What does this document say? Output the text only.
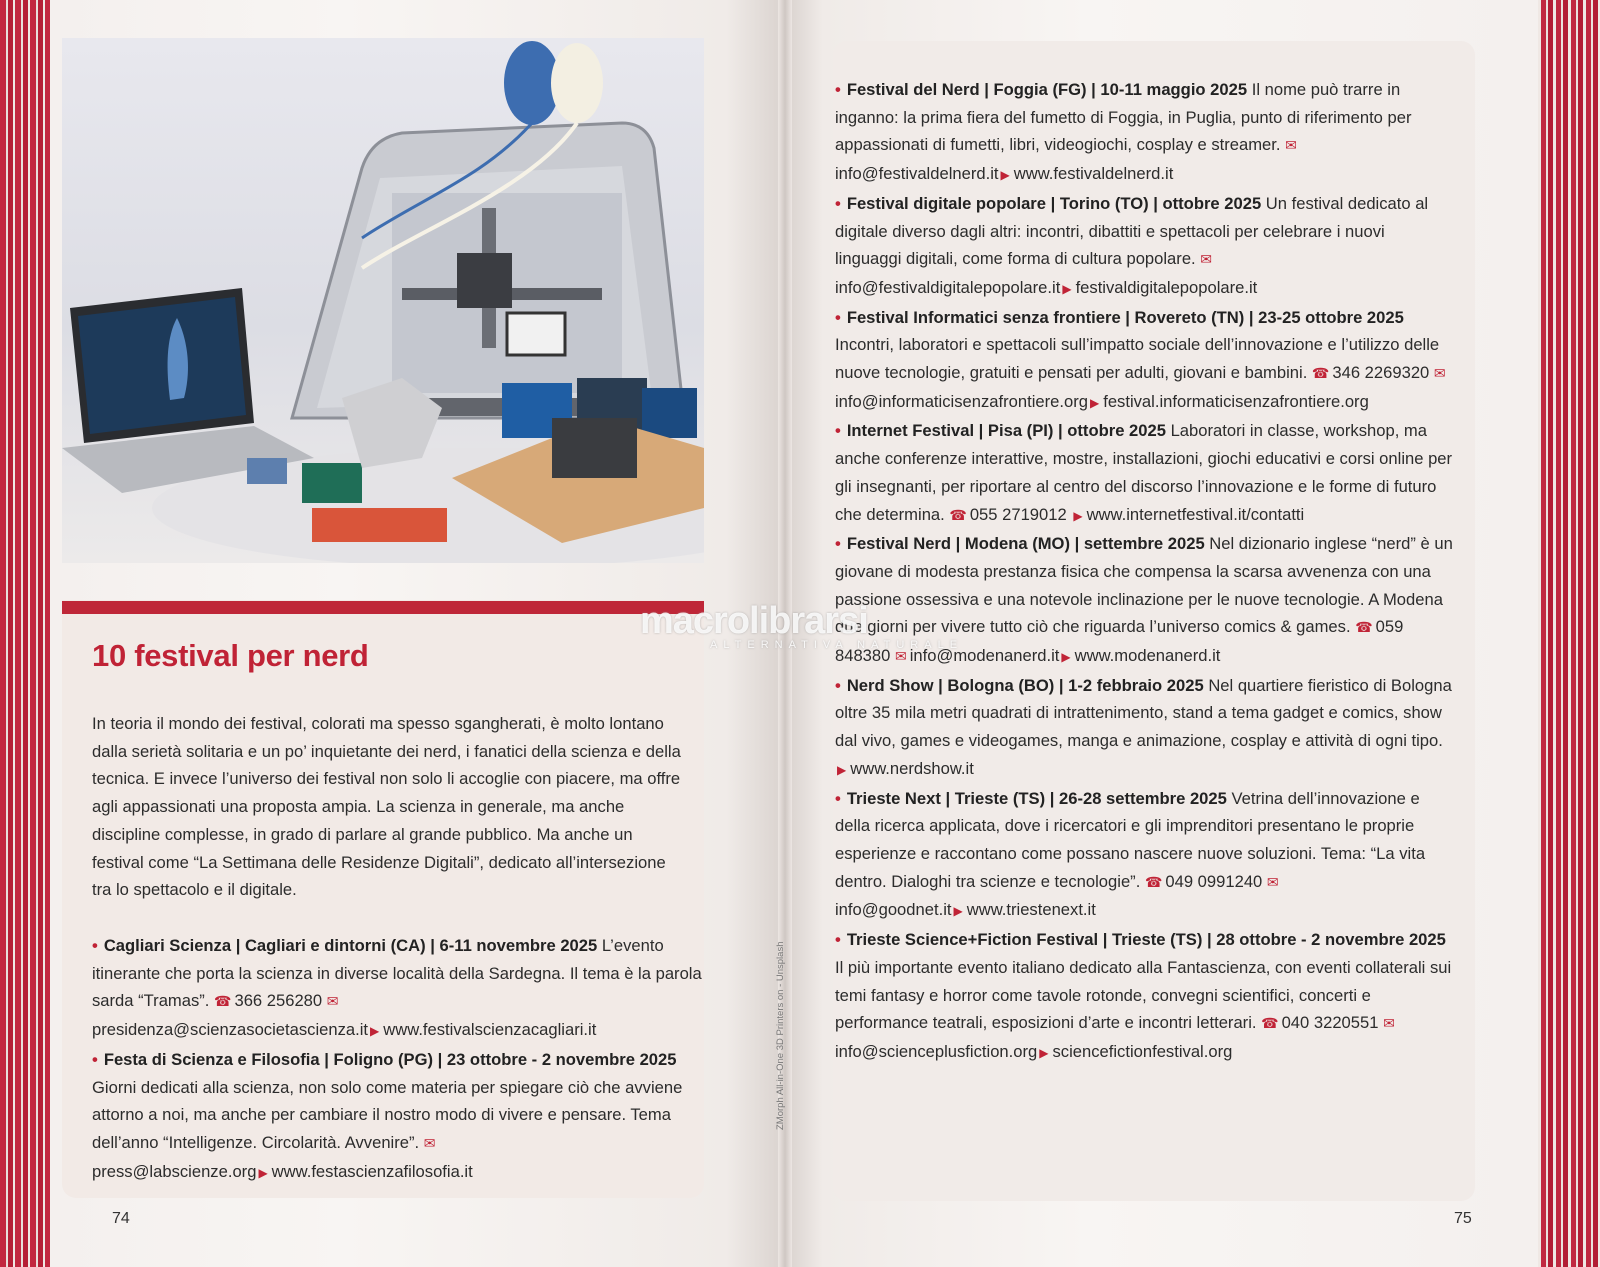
10 festival per nerd
In teoria il mondo dei festival, colorati ma spesso sgangherati, è molto lontano dalla serietà solitaria e un po’ inquietante dei nerd, i fanatici della scienza e della tecnica. E invece l’universo dei festival non solo li accoglie con piacere, ma offre agli appassionati una proposta ampia. La scienza in generale, ma anche discipline complesse, in grado di parlare al grande pubblico. Ma anche un festival come “La Settimana delle Residenze Digitali”, dedicato all’intersezione tra lo spettacolo e il digitale.

• Cagliari Scienza | Cagliari e dintorni (CA) | 6-11 novembre 2025 L’evento itinerante che porta la scienza in diverse località della Sardegna. Il tema è la parola sarda “Tramas”. ☎ 366 256280 ✉presidenza@scienzasocietascienza.it ▶ www.festivalscienzacagliari.it

• Festa di Scienza e Filosofia | Foligno (PG) | 23 ottobre - 2 novembre 2025 Giorni dedicati alla scienza, non solo come materia per spiegare ciò che avviene attorno a noi, ma anche per cambiare il nostro modo di vivere e pensare. Tema dell’anno “Intelligenze. Circolarità. Avvenire”. ✉press@labscienze.org ▶ www.festascienzafilosofia.it

ZMorph All-in-One 3D Printers on - Unsplash
74

• Festival del Nerd | Foggia (FG) | 10-11 maggio 2025 Il nome può trarre in inganno: la prima fiera del fumetto di Foggia, in Puglia, punto di riferimento per appassionati di fumetti, libri, videogiochi, cosplay e streamer. ✉info@festivaldelnerd.it ▶ www.festivaldelnerd.it

• Festival digitale popolare | Torino (TO) | ottobre 2025 Un festival dedicato al digitale diverso dagli altri: incontri, dibattiti e spettacoli per celebrare i nuovi linguaggi digitali, come forma di cultura popolare. ✉info@festivaldigitalepopolare.it ▶ festivaldigitalepopolare.it

• Festival Informatici senza frontiere | Rovereto (TN) | 23-25 ottobre 2025 Incontri, laboratori e spettacoli sull’impatto sociale dell’innovazione e l’utilizzo delle nuove tecnologie, gratuiti e pensati per adulti, giovani e bambini. ☎ 346 2269320 ✉info@informaticisenzafrontiere.org ▶ festival.informaticisenzafrontiere.org

• Internet Festival | Pisa (PI) | ottobre 2025 Laboratori in classe, workshop, ma anche conferenze interattive, mostre, installazioni, giochi educativi e corsi online per gli insegnanti, per riportare al centro del discorso l’innovazione e le forme di futuro che determina. ☎ 055 2719012 ▶ www.internetfestival.it/contatti

• Festival Nerd | Modena (MO) | settembre 2025 Nel dizionario inglese “nerd” è un giovane di modesta prestanza fisica che compensa la scarsa avvenenza con una passione ossessiva e una notevole inclinazione per le nuove tecnologie. A Modena due giorni per vivere tutto ciò che riguarda l’universo comics & games. ☎ 059 848380 ✉ info@modenanerd.it ▶ www.modenanerd.it

• Nerd Show | Bologna (BO) | 1-2 febbraio 2025 Nel quartiere fieristico di Bologna oltre 35 mila metri quadrati di intrattenimento, stand a tema gadget e comics, show dal vivo, games e videogames, manga e animazione, cosplay e attività di ogni tipo. ▶ www.nerdshow.it

• Trieste Next | Trieste (TS) | 26-28 settembre 2025 Vetrina dell’innovazione e della ricerca applicata, dove i ricercatori e gli imprenditori presentano le proprie esperienze e raccontano come possano nascere nuove soluzioni. Tema: “La vita dentro. Dialoghi tra scienze e tecnologie”. ☎ 049 0991240 ✉info@goodnet.it ▶ www.triestenext.it

• Trieste Science+Fiction Festival | Trieste (TS) | 28 ottobre - 2 novembre 2025 Il più importante evento italiano dedicato alla Fantascienza, con eventi collaterali sui temi fantasy e horror come tavole rotonde, convegni scientifici, concerti e performance teatrali, esposizioni d’arte e incontri letterari. ☎ 040 3220551 ✉info@scienceplusfiction.org ▶ sciencefictionfestival.org

75
macrolibrarsi
ALTERNATIVA NATURALE
